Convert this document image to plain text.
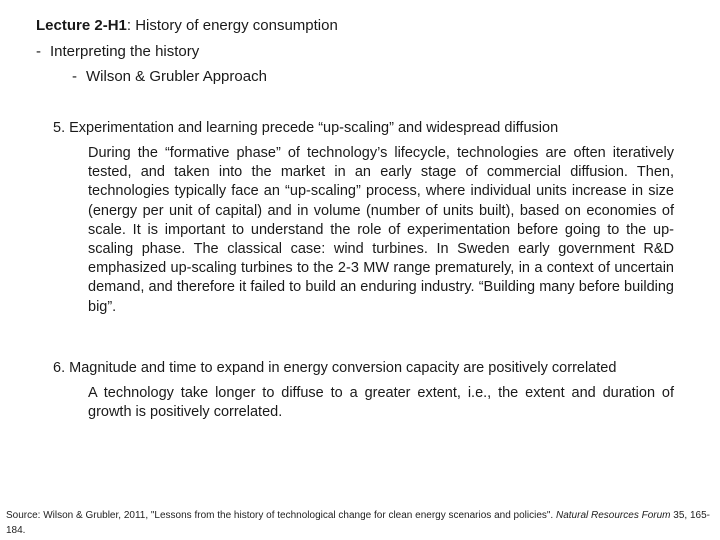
Lecture 2-H1: History of energy consumption
- Interpreting the history
- Wilson & Grubler Approach
5. Experimentation and learning precede “up-scaling” and widespread diffusion
During the “formative phase” of technology’s lifecycle, technologies are often iteratively tested, and taken into the market in an early stage of commercial diffusion. Then, technologies typically face an “up-scaling” process, where individual units increase in size (energy per unit of capital) and in volume (number of units built), based on economies of scale. It is important to understand the role of experimentation before going to the up-scaling phase. The classical case: wind turbines. In Sweden early government R&D emphasized up-scaling turbines to the 2-3 MW range prematurely, in a context of uncertain demand, and therefore it failed to build an enduring industry. “Building many before building big”.
6. Magnitude and time to expand in energy conversion capacity are positively correlated
A technology take longer to diffuse to a greater extent, i.e., the extent and duration of growth is positively correlated.
Source: Wilson & Grubler, 2011, "Lessons from the history of technological change for clean energy scenarios and policies". Natural Resources Forum 35, 165-184.
